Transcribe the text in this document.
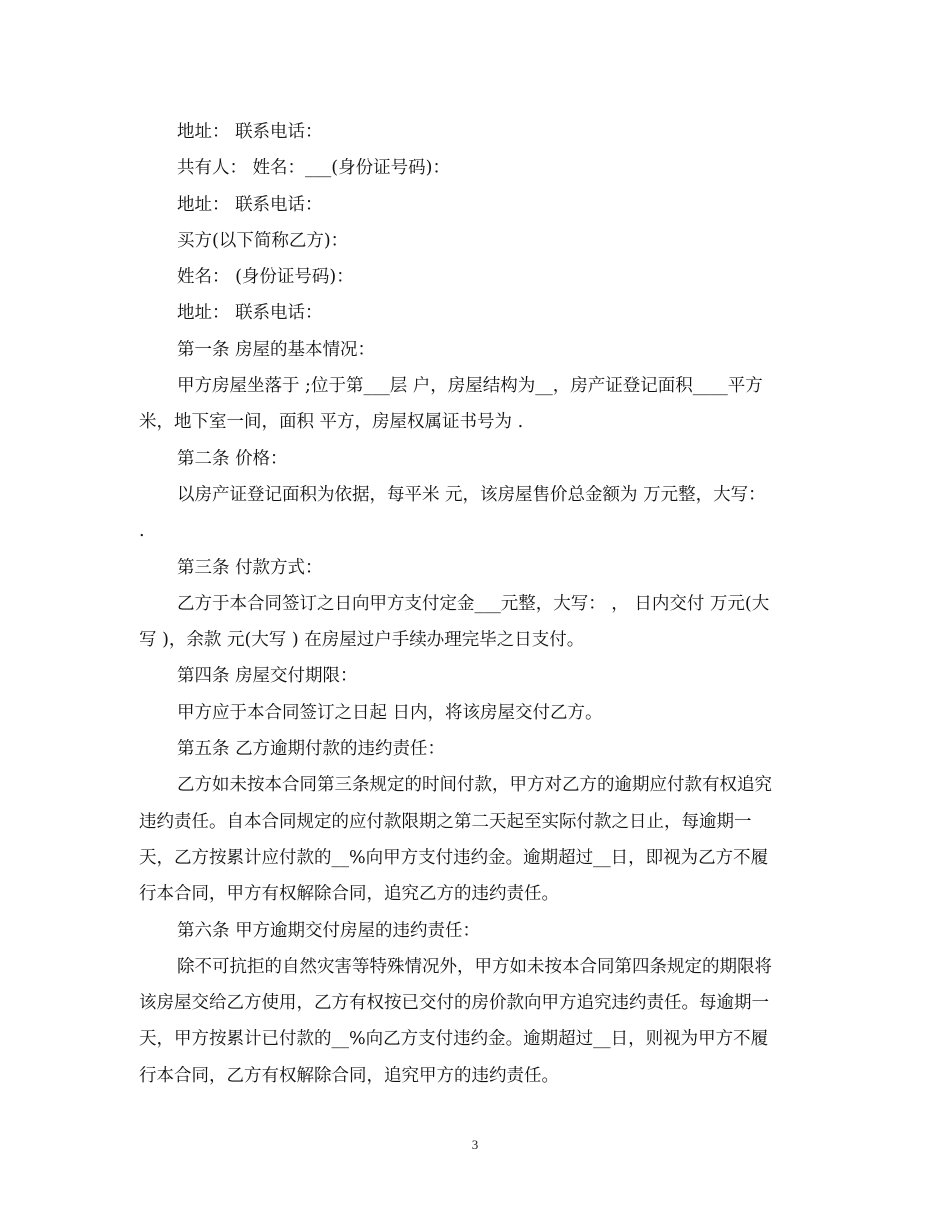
地址： 联系电话：
共有人： 姓名：___(身份证号码)：
地址： 联系电话：
买方(以下简称乙方)：
姓名： (身份证号码)：
地址： 联系电话：
第一条 房屋的基本情况：
甲方房屋坐落于 ;位于第___层 户，房屋结构为__，房产证登记面积____平方
米，地下室一间，面积 平方，房屋权属证书号为 .
第二条 价格：
以房产证登记面积为依据，每平米 元，该房屋售价总金额为 万元整，大写：
.
第三条 付款方式：
乙方于本合同签订之日向甲方支付定金___元整，大写： ， 日内交付 万元(大
写 )，余款 元(大写 ) 在房屋过户手续办理完毕之日支付。
第四条 房屋交付期限：
甲方应于本合同签订之日起 日内，将该房屋交付乙方。
第五条 乙方逾期付款的违约责任：
乙方如未按本合同第三条规定的时间付款，甲方对乙方的逾期应付款有权追究
违约责任。自本合同规定的应付款限期之第二天起至实际付款之日止，每逾期一
天，乙方按累计应付款的__%向甲方支付违约金。逾期超过__日，即视为乙方不履
行本合同，甲方有权解除合同，追究乙方的违约责任。
第六条 甲方逾期交付房屋的违约责任：
除不可抗拒的自然灾害等特殊情况外，甲方如未按本合同第四条规定的期限将
该房屋交给乙方使用，乙方有权按已交付的房价款向甲方追究违约责任。每逾期一
天，甲方按累计已付款的__%向乙方支付违约金。逾期超过__日，则视为甲方不履
行本合同，乙方有权解除合同，追究甲方的违约责任。
3
